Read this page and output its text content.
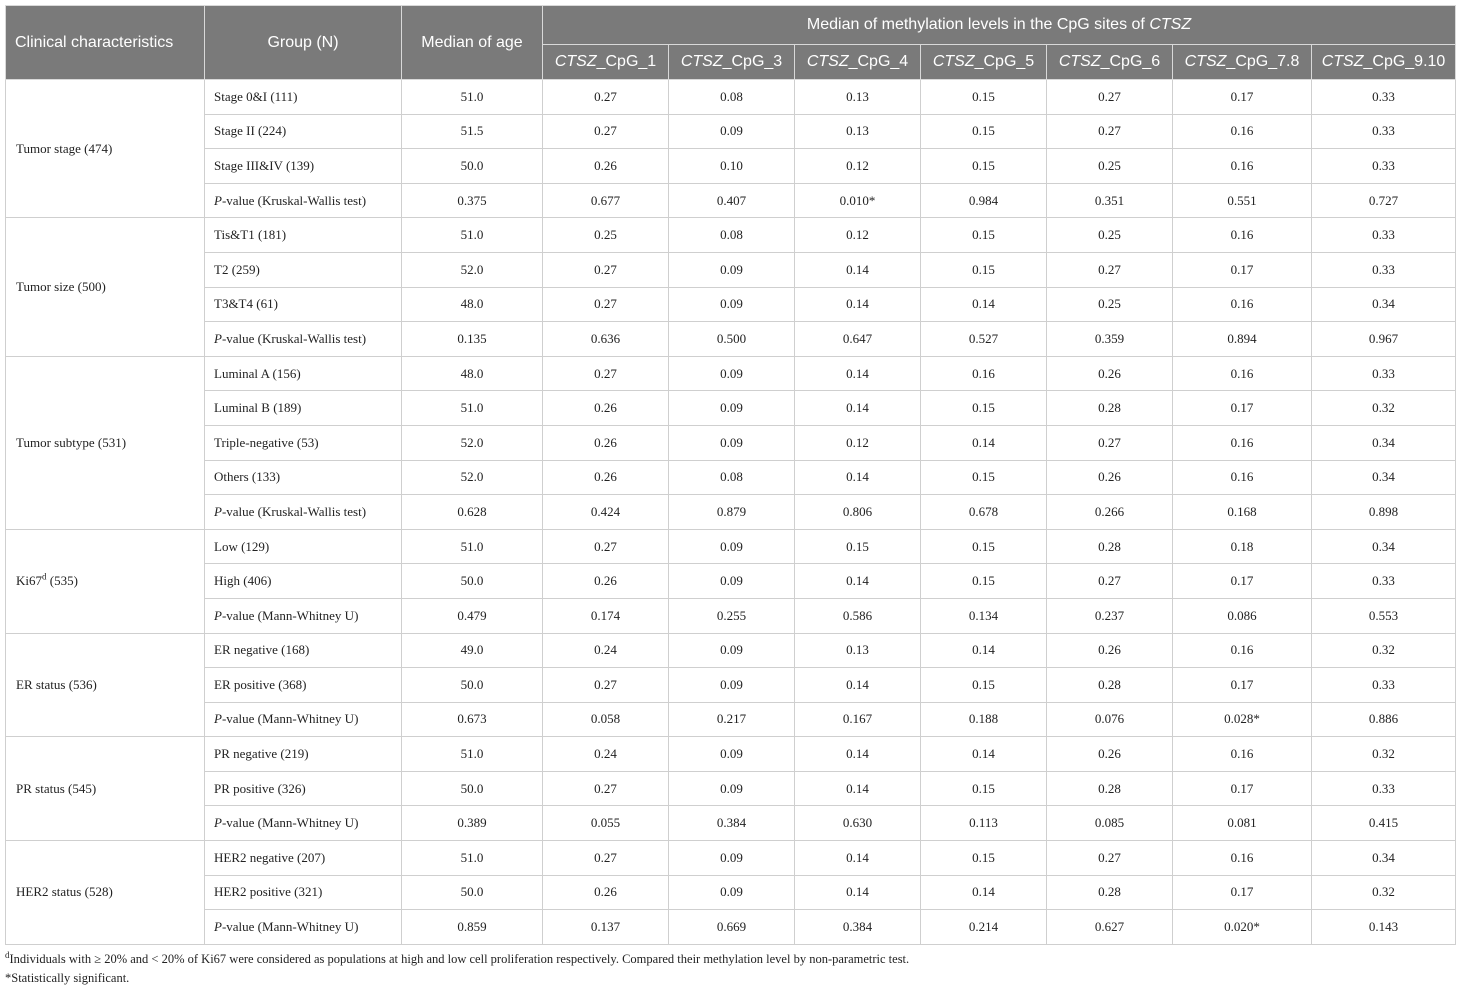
Clinical characteristics	Group (N)	Median of age	Median of methylation levels in the CpG sites of CTSZ						
			CTSZ_CpG_1	CTSZ_CpG_3	CTSZ_CpG_4	CTSZ_CpG_5	CTSZ_CpG_6	CTSZ_CpG_7.8	CTSZ_CpG_9.10
Tumor stage (474)	Stage 0&I (111)	51.0	0.27	0.08	0.13	0.15	0.27	0.17	0.33
	Stage II (224)	51.5	0.27	0.09	0.13	0.15	0.27	0.16	0.33
	Stage III&IV (139)	50.0	0.26	0.10	0.12	0.15	0.25	0.16	0.33
	P-value (Kruskal-Wallis test)	0.375	0.677	0.407	0.010*	0.984	0.351	0.551	0.727
Tumor size (500)	Tis&T1 (181)	51.0	0.25	0.08	0.12	0.15	0.25	0.16	0.33
	T2 (259)	52.0	0.27	0.09	0.14	0.15	0.27	0.17	0.33
	T3&T4 (61)	48.0	0.27	0.09	0.14	0.14	0.25	0.16	0.34
	P-value (Kruskal-Wallis test)	0.135	0.636	0.500	0.647	0.527	0.359	0.894	0.967
Tumor subtype (531)	Luminal A (156)	48.0	0.27	0.09	0.14	0.16	0.26	0.16	0.33
	Luminal B (189)	51.0	0.26	0.09	0.14	0.15	0.28	0.17	0.32
	Triple-negative (53)	52.0	0.26	0.09	0.12	0.14	0.27	0.16	0.34
	Others (133)	52.0	0.26	0.08	0.14	0.15	0.26	0.16	0.34
	P-value (Kruskal-Wallis test)	0.628	0.424	0.879	0.806	0.678	0.266	0.168	0.898
Ki67$^d$ (535)	Low (129)	51.0	0.27	0.09	0.15	0.15	0.28	0.18	0.34
	High (406)	50.0	0.26	0.09	0.14	0.15	0.27	0.17	0.33
	P-value (Mann-Whitney U)	0.479	0.174	0.255	0.586	0.134	0.237	0.086	0.553
ER status (536)	ER negative (168)	49.0	0.24	0.09	0.13	0.14	0.26	0.16	0.32
	ER positive (368)	50.0	0.27	0.09	0.14	0.15	0.28	0.17	0.33
	P-value (Mann-Whitney U)	0.673	0.058	0.217	0.167	0.188	0.076	0.028*	0.886
PR status (545)	PR negative (219)	51.0	0.24	0.09	0.14	0.14	0.26	0.16	0.32
	PR positive (326)	50.0	0.27	0.09	0.14	0.15	0.28	0.17	0.33
	P-value (Mann-Whitney U)	0.389	0.055	0.384	0.630	0.113	0.085	0.081	0.415
HER2 status (528)	HER2 negative (207)	51.0	0.27	0.09	0.14	0.15	0.27	0.16	0.34
	HER2 positive (321)	50.0	0.26	0.09	0.14	0.14	0.28	0.17	0.32
	P-value (Mann-Whitney U)	0.859	0.137	0.669	0.384	0.214	0.627	0.020*	0.143

$^d$Individuals with ≥ 20% and < 20% of Ki67 were considered as populations at high and low cell proliferation respectively. Compared their methylation level by non-parametric test.

*Statistically significant.
